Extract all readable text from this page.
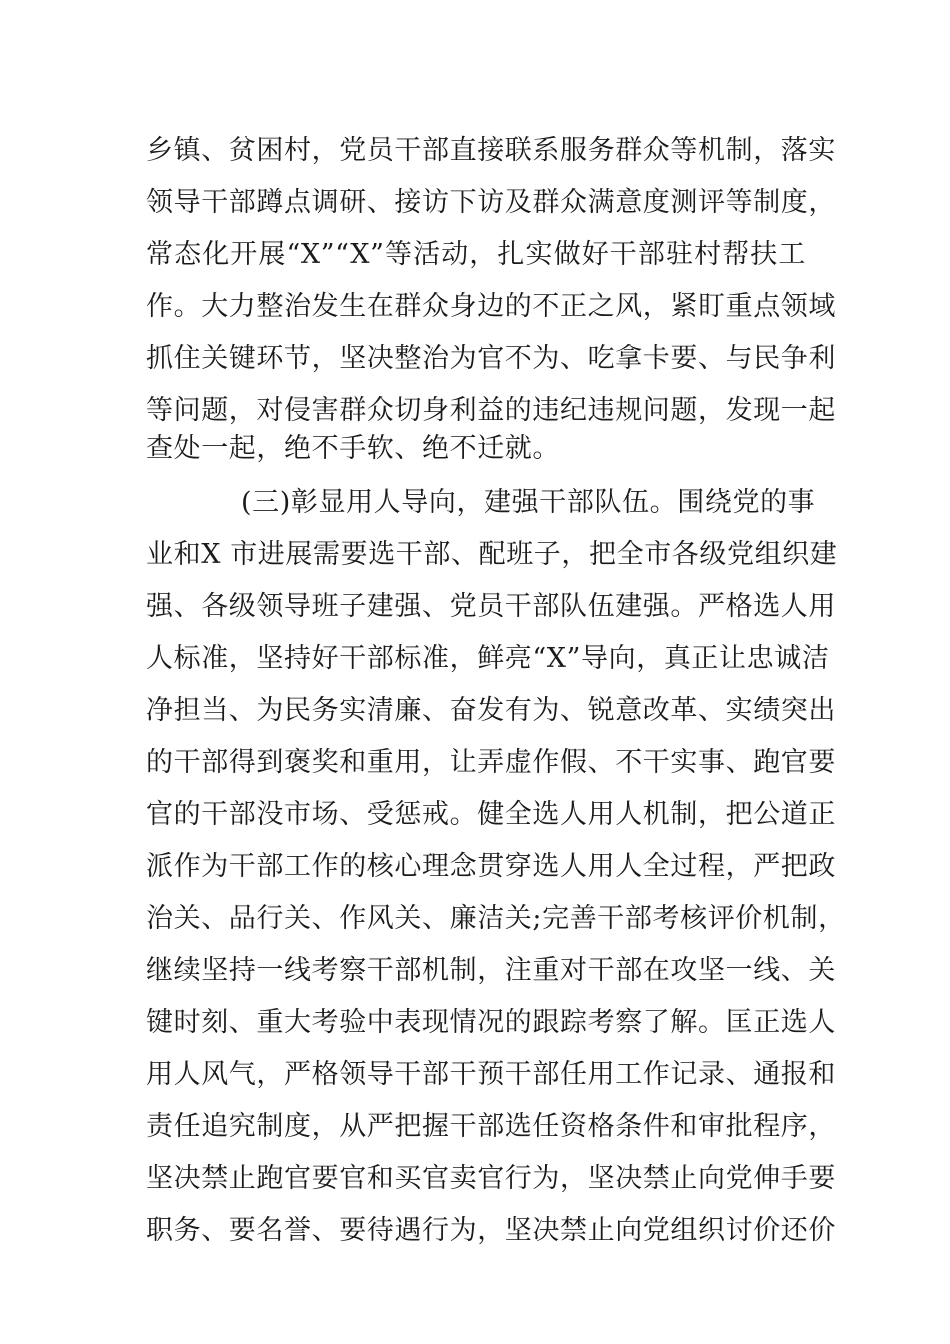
乡镇、贫困村，党员干部直接联系服务群众等机制，落实
领导干部蹲点调研、接访下访及群众满意度测评等制度，
常态化开展“X”“X”等活动，扎实做好干部驻村帮扶工
作。大力整治发生在群众身边的不正之风，紧盯重点领域
抓住关键环节，坚决整治为官不为、吃拿卡要、与民争利
等问题，对侵害群众切身利益的违纪违规问题，发现一起
查处一起，绝不手软、绝不迁就。
(三)彰显用人导向，建强干部队伍。围绕党的事
业和X 市进展需要选干部、配班子，把全市各级党组织建
强、各级领导班子建强、党员干部队伍建强。严格选人用
人标准，坚持好干部标准，鲜亮“X”导向，真正让忠诚洁
净担当、为民务实清廉、奋发有为、锐意改革、实绩突出
的干部得到褒奖和重用，让弄虚作假、不干实事、跑官要
官的干部没市场、受惩戒。健全选人用人机制，把公道正
派作为干部工作的核心理念贯穿选人用人全过程，严把政
治关、品行关、作风关、廉洁关;完善干部考核评价机制，
继续坚持一线考察干部机制，注重对干部在攻坚一线、关
键时刻、重大考验中表现情况的跟踪考察了解。匡正选人
用人风气，严格领导干部干预干部任用工作记录、通报和
责任追究制度，从严把握干部选任资格条件和审批程序，
坚决禁止跑官要官和买官卖官行为，坚决禁止向党伸手要
职务、要名誉、要待遇行为，坚决禁止向党组织讨价还价
